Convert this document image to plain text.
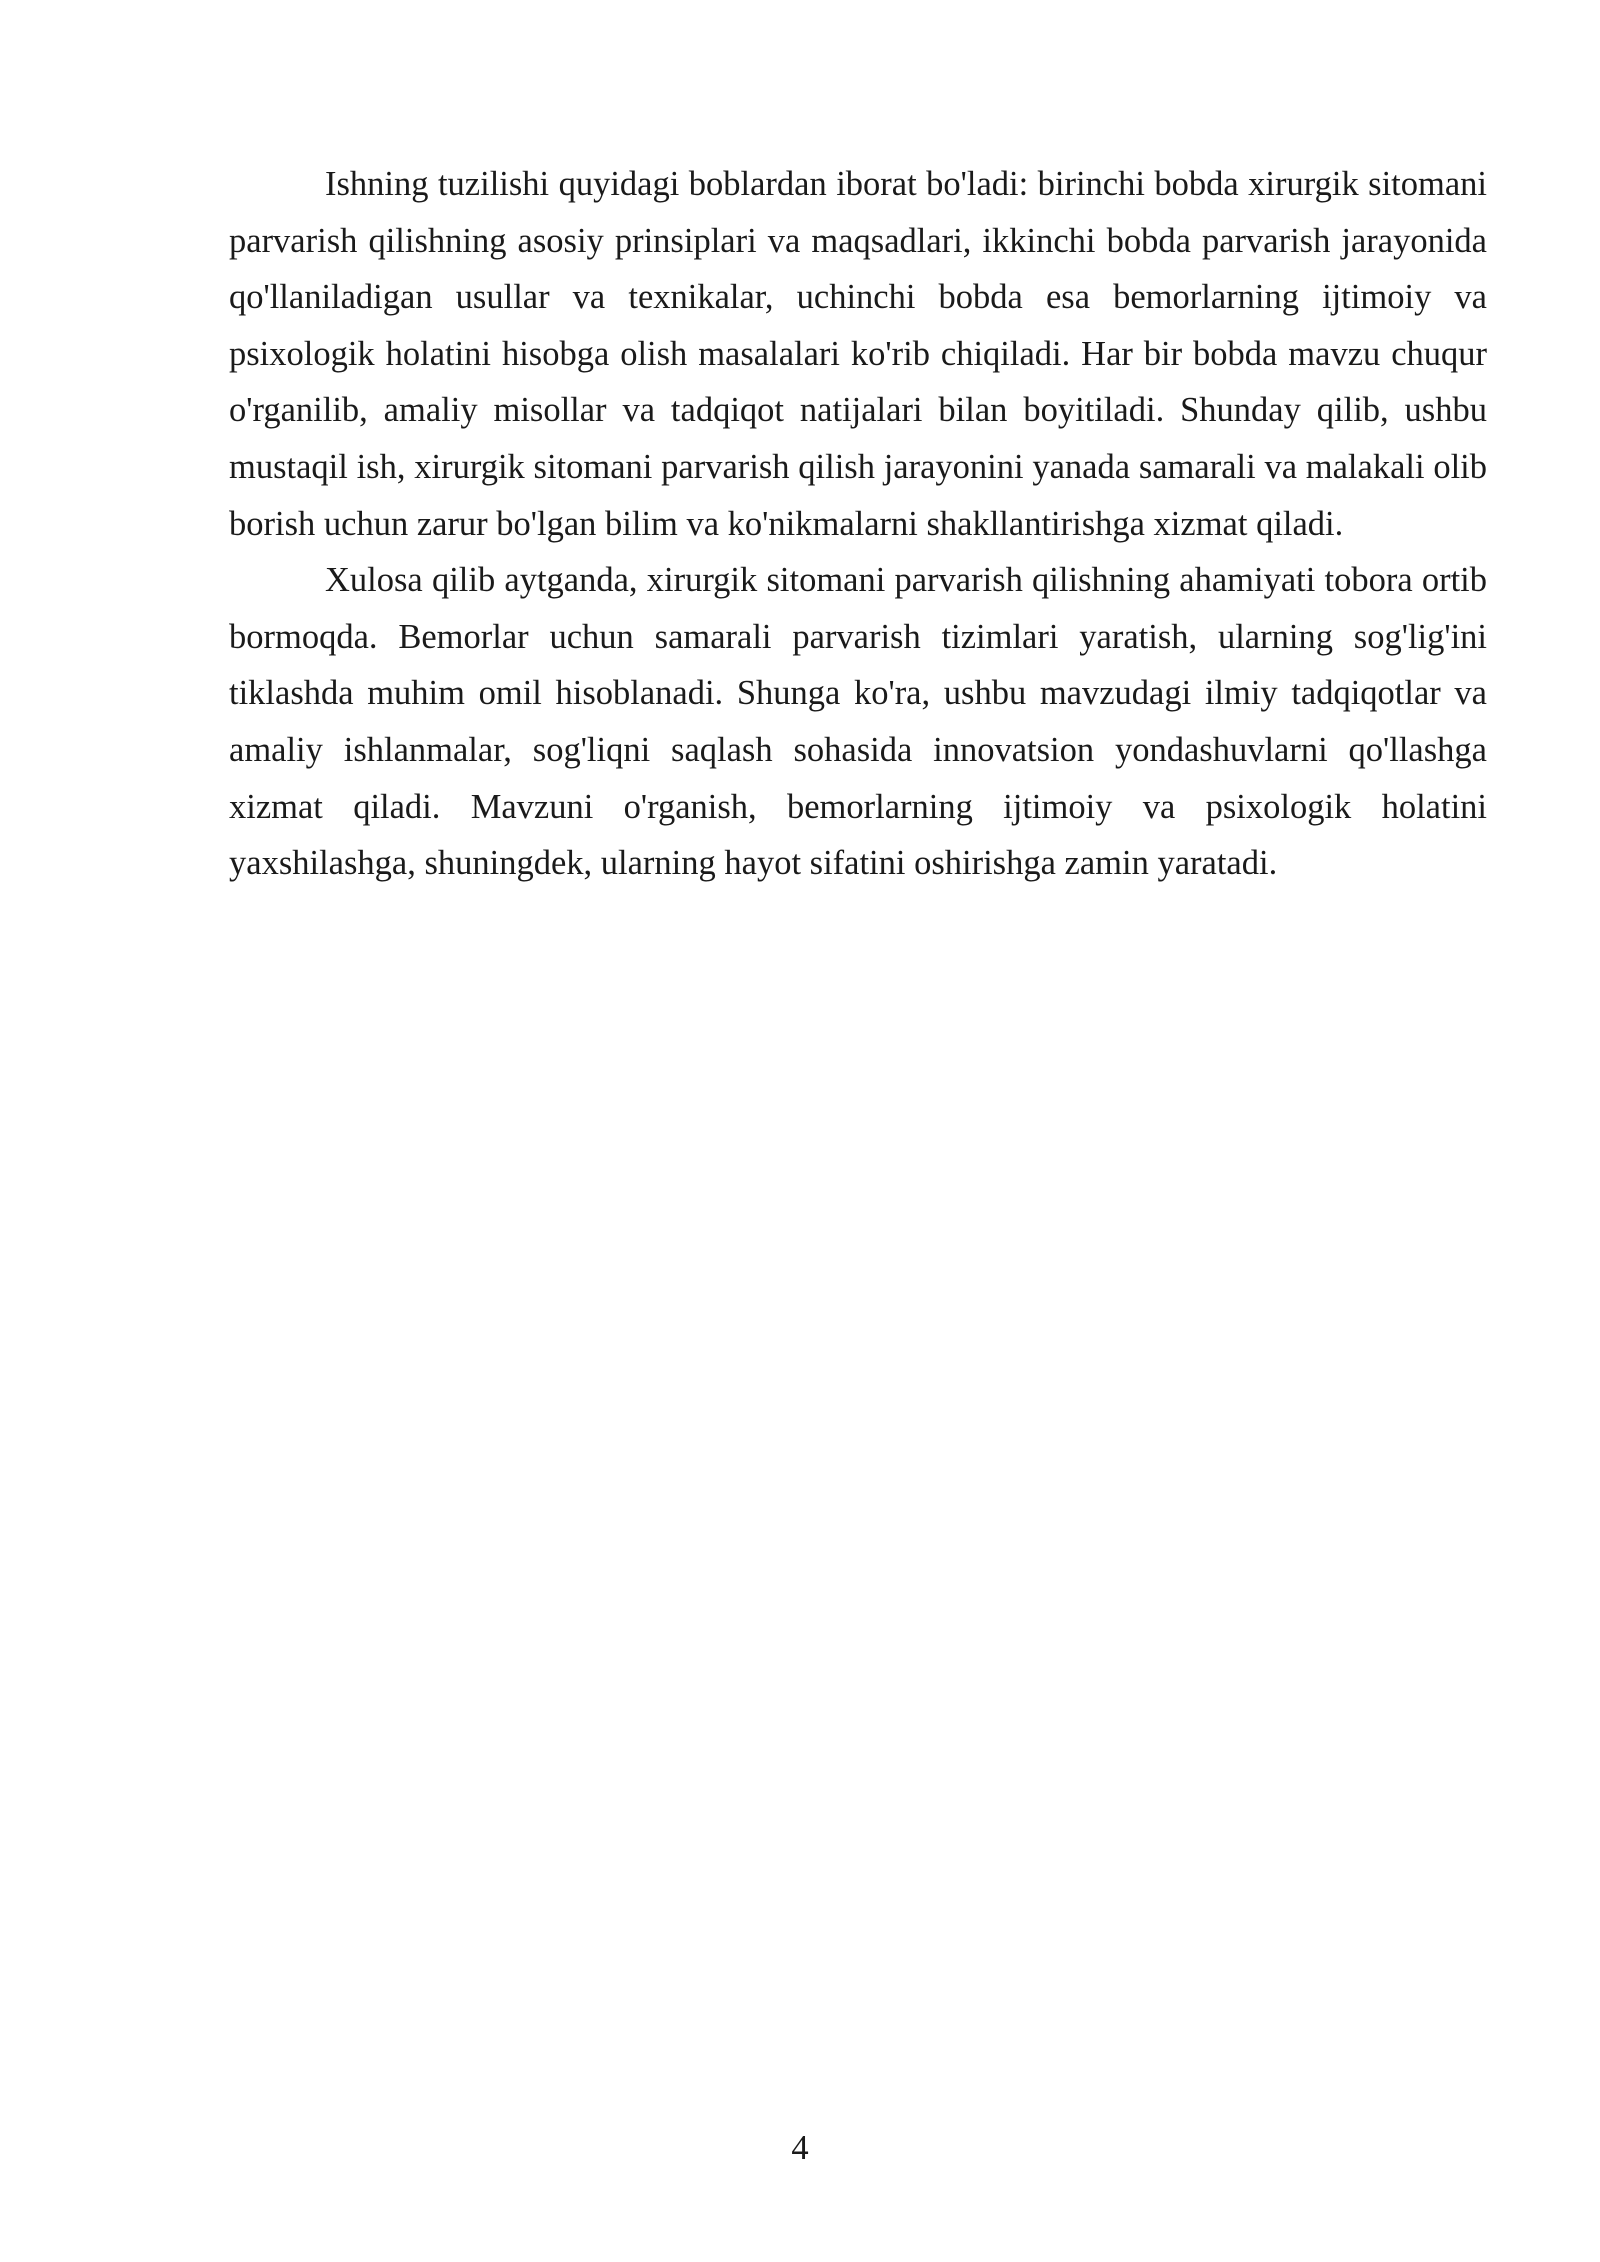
Ishning tuzilishi quyidagi boblardan iborat bo'ladi: birinchi bobda xirurgik sitomani parvarish qilishning asosiy prinsiplari va maqsadlari, ikkinchi bobda parvarish jarayonida qo'llaniladigan usullar va texnikalar, uchinchi bobda esa bemorlarning ijtimoiy va psixologik holatini hisobga olish masalalari ko'rib chiqiladi. Har bir bobda mavzu chuqur o'rganilib, amaliy misollar va tadqiqot natijalari bilan boyitiladi. Shunday qilib, ushbu mustaqil ish, xirurgik sitomani parvarish qilish jarayonini yanada samarali va malakali olib borish uchun zarur bo'lgan bilim va ko'nikmalarni shakllantirishga xizmat qiladi.

Xulosa qilib aytganda, xirurgik sitomani parvarish qilishning ahamiyati tobora ortib bormoqda. Bemorlar uchun samarali parvarish tizimlari yaratish, ularning sog'lig'ini tiklashda muhim omil hisoblanadi. Shunga ko'ra, ushbu mavzudagi ilmiy tadqiqotlar va amaliy ishlanmalar, sog'liqni saqlash sohasida innovatsion yondashuvlarni qo'llashga xizmat qiladi. Mavzuni o'rganish, bemorlarning ijtimoiy va psixologik holatini yaxshilashga, shuningdek, ularning hayot sifatini oshirishga zamin yaratadi.

4
